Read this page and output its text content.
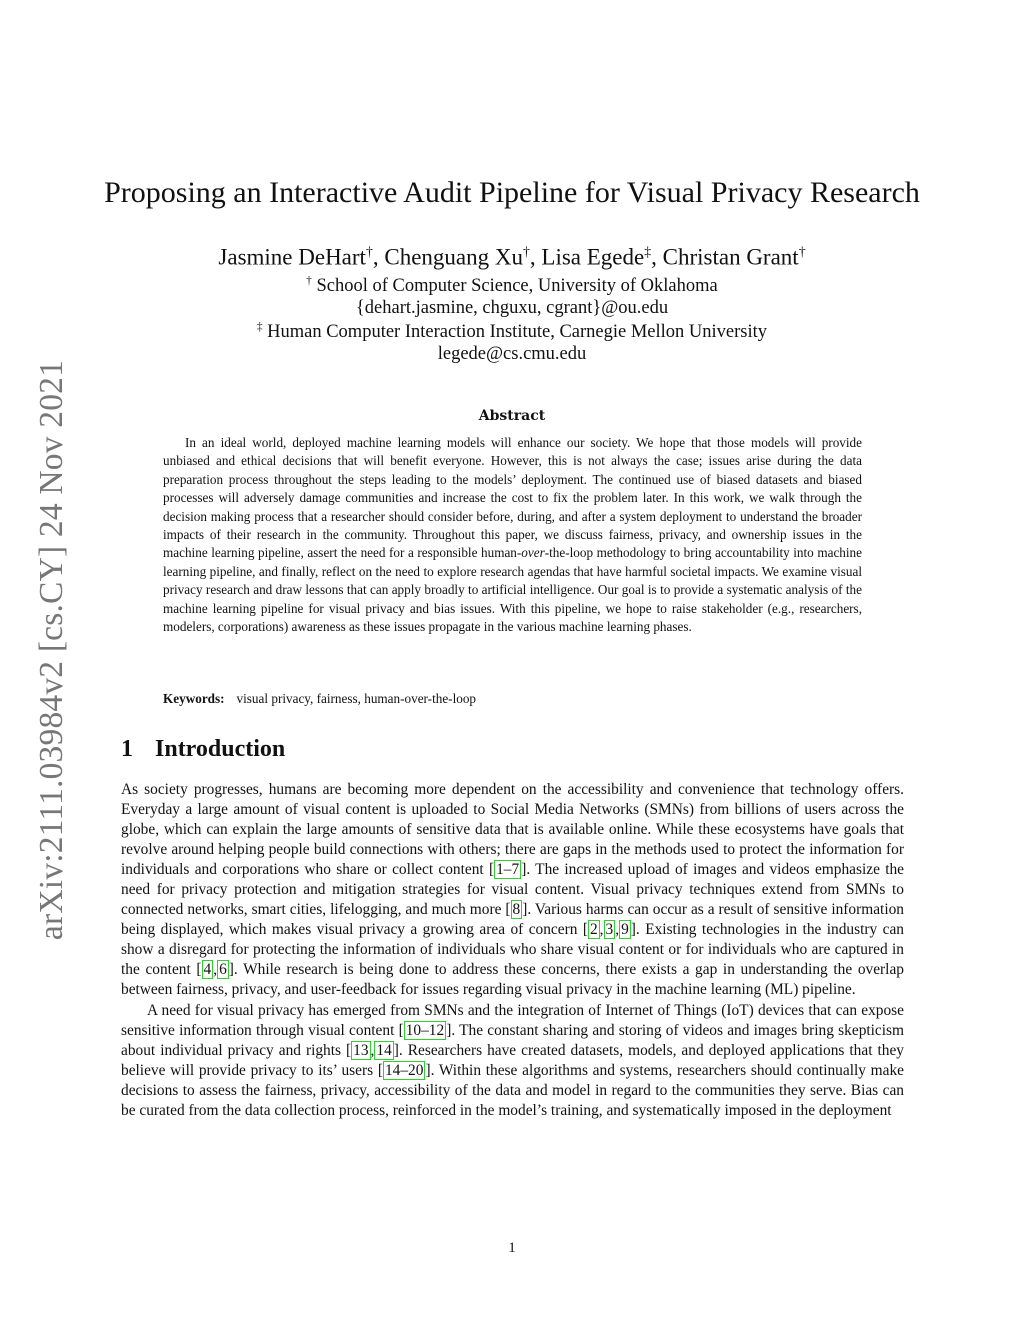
arXiv:2111.03984v2 [cs.CY] 24 Nov 2021
Proposing an Interactive Audit Pipeline for Visual Privacy Research
Jasmine DeHart†, Chenguang Xu†, Lisa Egede‡, Christan Grant†
† School of Computer Science, University of Oklahoma
{dehart.jasmine, chguxu, cgrant}@ou.edu
‡ Human Computer Interaction Institute, Carnegie Mellon University
legede@cs.cmu.edu
Abstract

In an ideal world, deployed machine learning models will enhance our society. We hope that those models will provide unbiased and ethical decisions that will benefit everyone. However, this is not always the case; issues arise during the data preparation process throughout the steps leading to the models’ deployment. The continued use of biased datasets and biased processes will adversely damage communities and increase the cost to fix the problem later. In this work, we walk through the decision making process that a researcher should consider before, during, and after a system deployment to understand the broader impacts of their research in the community. Throughout this paper, we discuss fairness, privacy, and ownership issues in the machine learning pipeline, assert the need for a responsible human-over-the-loop methodology to bring accountability into machine learning pipeline, and finally, reflect on the need to explore research agendas that have harmful societal impacts. We examine visual privacy research and draw lessons that can apply broadly to artificial intelligence. Our goal is to provide a systematic analysis of the machine learning pipeline for visual privacy and bias issues. With this pipeline, we hope to raise stakeholder (e.g., researchers, modelers, corporations) awareness as these issues propagate in the various machine learning phases.

Keywords: visual privacy, fairness, human-over-the-loop
1 Introduction

As society progresses, humans are becoming more dependent on the accessibility and convenience that technology offers. Everyday a large amount of visual content is uploaded to Social Media Networks (SMNs) from billions of users across the globe, which can explain the large amounts of sensitive data that is available online. While these ecosystems have goals that revolve around helping people build connections with others; there are gaps in the methods used to protect the information for individuals and corporations who share or collect content [ 1–7 ]. The increased upload of images and videos emphasize the need for privacy protection and mitigation strategies for visual content. Visual privacy techniques extend from SMNs to connected networks, smart cities, lifelogging, and much more [ 8 ]. Various harms can occur as a result of sensitive information being displayed, which makes visual privacy a growing area of concern [ 2 , 3 , 9 ]. Existing technologies in the industry can show a disregard for protecting the information of individuals who share visual content or for individuals who are captured in the content [ 4 , 6 ]. While research is being done to address these concerns, there exists a gap in understanding the overlap between fairness, privacy, and user-feedback for issues regarding visual privacy in the machine learning (ML) pipeline.

A need for visual privacy has emerged from SMNs and the integration of Internet of Things (IoT) devices that can expose sensitive information through visual content [ 10–12 ]. The constant sharing and storing of videos and images bring skepticism about individual privacy and rights [ 13 , 14 ]. Researchers have created datasets, models, and deployed applications that they believe will provide privacy to its’ users [ 14–20 ]. Within these algorithms and systems, researchers should continually make decisions to assess the fairness, privacy, accessibility of the data and model in regard to the communities they serve. Bias can be curated from the data collection process, reinforced in the model’s training, and systematically imposed in the deployment

1
